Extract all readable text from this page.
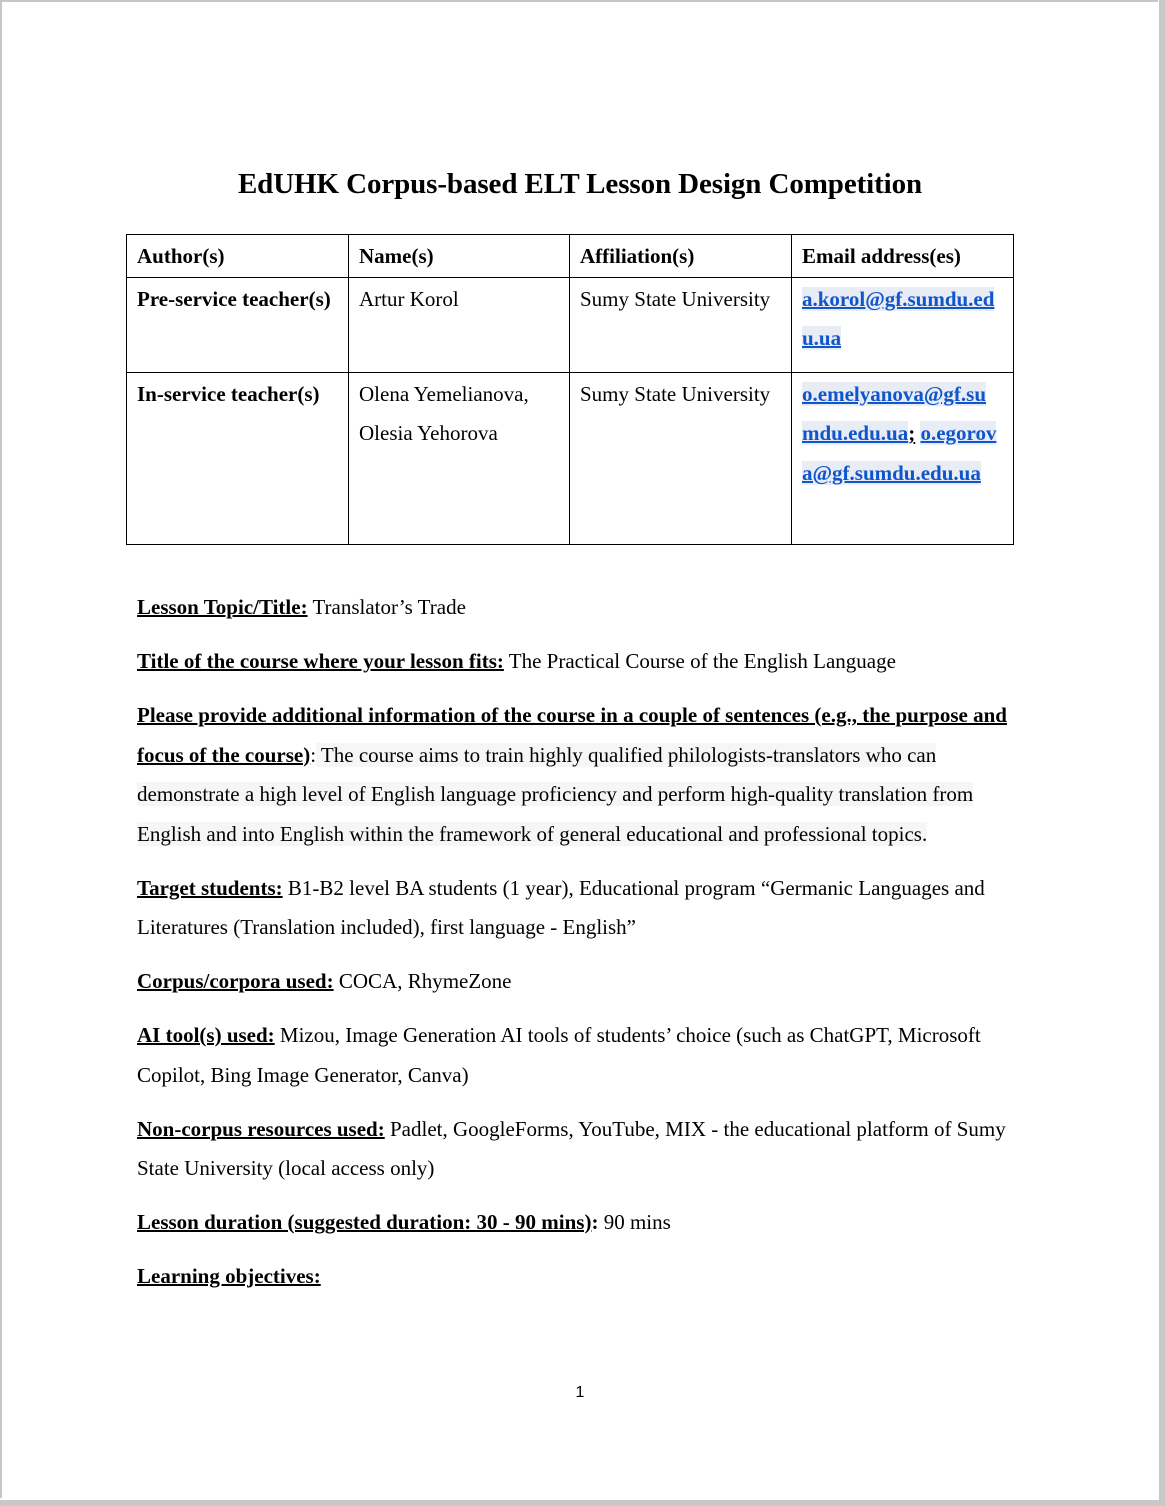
EdUHK Corpus-based ELT Lesson Design Competition
Author(s)	Name(s)	Affiliation(s)	Email address(es)
Pre-service teacher(s)	Artur Korol	Sumy State University	a.korol@gf.sumdu.edu.ua
In-service teacher(s)	Olena Yemelianova, Olesia Yehorova	Sumy State University	o.emelyanova@gf.sumdu.edu.ua; o.egorova@gf.sumdu.edu.ua

Lesson Topic/Title: Translator’s Trade

Title of the course where your lesson fits: The Practical Course of the English Language

Please provide additional information of the course in a couple of sentences (e.g., the purpose and focus of the course): The course aims to train highly qualified philologists-translators who can demonstrate a high level of English language proficiency and perform high-quality translation from English and into English within the framework of general educational and professional topics.

Target students: B1-B2 level BA students (1 year), Educational program “Germanic Languages and Literatures (Translation included), first language - English”

Corpus/corpora used: COCA, RhymeZone

AI tool(s) used: Mizou, Image Generation AI tools of students’ choice (such as ChatGPT, Microsoft Copilot, Bing Image Generator, Canva)

Non-corpus resources used: Padlet, GoogleForms, YouTube, MIX - the educational platform of Sumy State University (local access only)

Lesson duration (suggested duration: 30 - 90 mins): 90 mins

Learning objectives:

1
